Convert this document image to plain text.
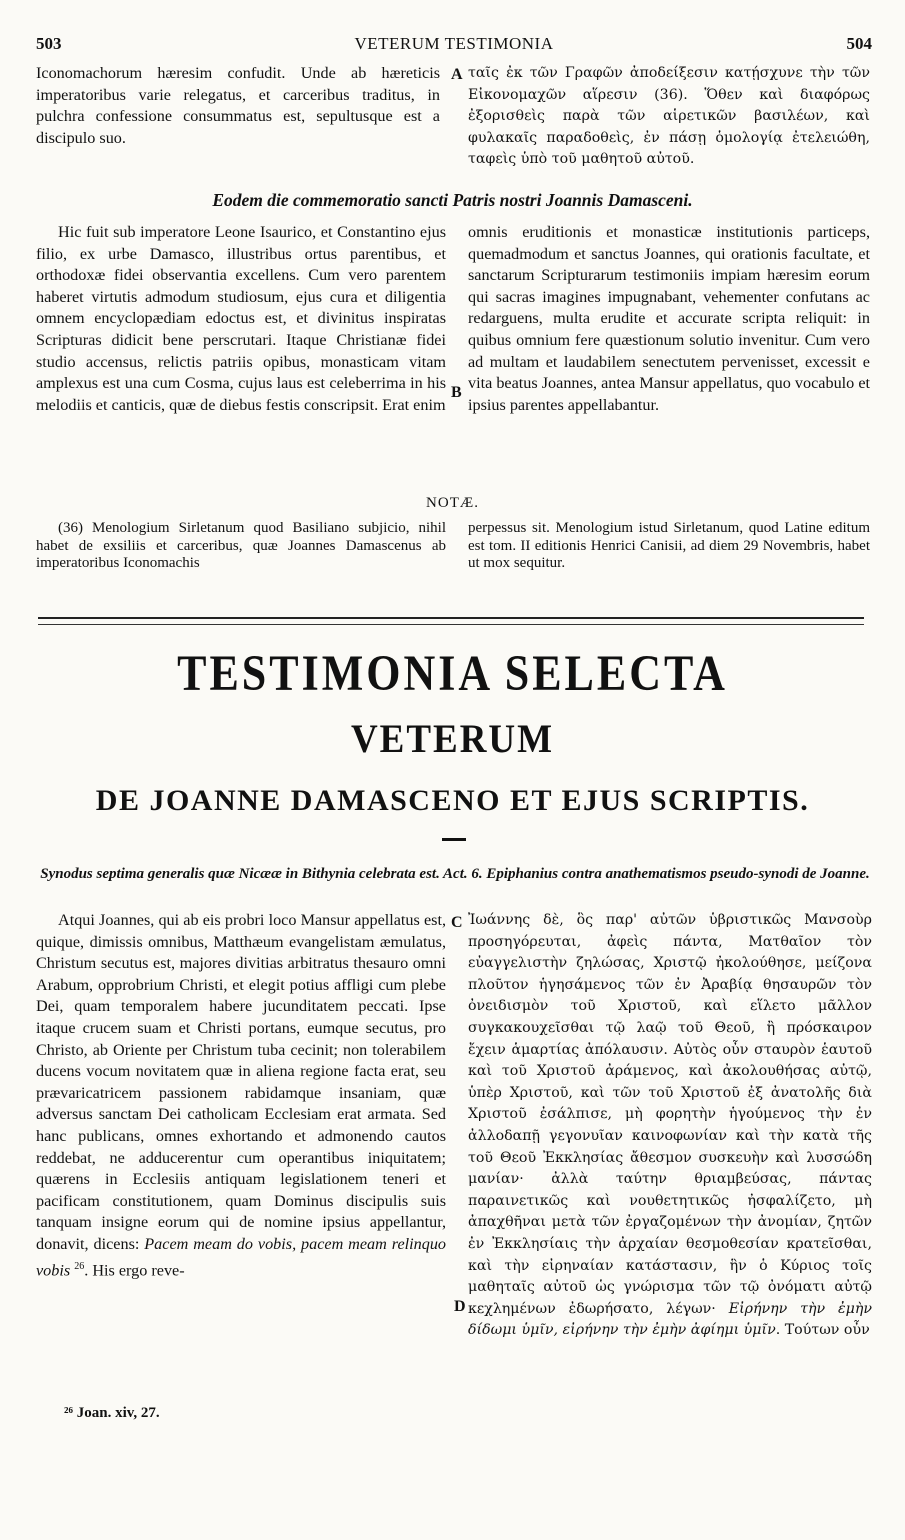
503	VETERUM TESTIMONIA	504

Iconomachorum hæresim confudit. Unde ab hæreticis imperatoribus varie relegatus, et carceribus traditus, in pulchra confessione consummatus est, sepultusque est a discipulo suo.

A ταῖς ἐκ τῶν Γραφῶν ἀποδείξεσιν κατῄσχυνε τὴν τῶν Εἰκονομαχῶν αἵρεσιν (36). Ὅθεν καὶ διαφόρως ἐξορισθεὶς παρὰ τῶν αἱρετικῶν βασιλέων, καὶ φυλακαῖς παραδοθεὶς, ἐν πάσῃ ὁμολογίᾳ ἐτελειώθη, ταφεὶς ὑπὸ τοῦ μαθητοῦ αὐτοῦ.

Eodem die commemoratio sancti Patris nostri Joannis Damasceni.

Hic fuit sub imperatore Leone Isaurico, et Constantino ejus filio, ex urbe Damasco, illustribus ortus parentibus, et orthodoxæ fidei observantia excellens. Cum vero parentem haberet virtutis admodum studiosum, ejus cura et diligentia omnem encyclopædiam edoctus est, et divinitus inspiratas Scripturas didicit bene perscrutari. Itaque Christianæ fidei studio accensus, relictis patriis opibus, monasticam vitam amplexus est una cum Cosma, cujus laus est celeberrima in his melodiis et canticis, quæ de diebus festis conscripsit. Erat enim

B

omnis eruditionis et monasticæ institutionis particeps, quemadmodum et sanctus Joannes, qui orationis facultate, et sanctarum Scripturarum testimoniis impiam hæresim eorum qui sacras imagines impugnabant, vehementer confutans ac redarguens, multa erudite et accurate scripta reliquit: in quibus omnium fere quæstionum solutio invenitur. Cum vero ad multam et laudabilem senectutem pervenisset, excessit e vita beatus Joannes, antea Mansur appellatus, quo vocabulo et ipsius parentes appellabantur.

NOTÆ.
(36) Menologium Sirletanum quod Basiliano subjicio, nihil habet de exsiliis et carceribus, quæ Joannes Damascenus ab imperatoribus Iconomachis
perpessus sit. Menologium istud Sirletanum, quod Latine editum est tom. II editionis Henrici Canisii, ad diem 29 Novembris, habet ut mox sequitur.
TESTIMONIA SELECTA
VETERUM
DE JOANNE DAMASCENO ET EJUS SCRIPTIS.
Synodus septima generalis quæ Nicææ in Bithynia celebrata est. Act. 6. Epiphanius contra anathematismos pseudo-synodi de Joanne.

Atqui Joannes, qui ab eis probri loco Mansur appellatus est, quique, dimissis omnibus, Matthæum evangelistam æmulatus, Christum secutus est, majores divitias arbitratus thesauro omni Arabum, opprobrium Christi, et elegit potius affligi cum plebe Dei, quam temporalem habere jucunditatem peccati. Ipse itaque crucem suam et Christi portans, eumque secutus, pro Christo, ab Oriente per Christum tuba cecinit; non tolerabilem ducens vocum novitatem quæ in aliena regione facta erat, seu prævaricatricem passionem rabidamque insaniam, quæ adversus sanctam Dei catholicam Ecclesiam erat armata. Sed hanc publicans, omnes exhortando et admonendo cautos reddebat, ne adducerentur cum operantibus iniquitatem; quærens in Ecclesiis antiquam legislationem teneri et pacificam constitutionem, quam Dominus discipulis suis tanquam insigne eorum qui de nomine ipsius appellantur, donavit, dicens: Pacem meam do vobis, pacem meam relinquo vobis $^{26}$. His ergo reve-

C
D

Ἰωάννης δὲ, ὃς παρ' αὐτῶν ὑβριστικῶς Μανσοὺρ προσηγόρευται, ἀφεὶς πάντα, Ματθαῖον τὸν εὐαγγελιστὴν ζηλώσας, Χριστῷ ἠκολούθησε, μείζονα πλοῦτον ἡγησάμενος τῶν ἐν Ἀραβίᾳ θησαυρῶν τὸν ὀνειδισμὸν τοῦ Χριστοῦ, καὶ εἵλετο μᾶλλον συγκακουχεῖσθαι τῷ λαῷ τοῦ Θεοῦ, ἢ πρόσκαιρον ἔχειν ἁμαρτίας ἀπόλαυσιν. Αὐτὸς οὖν σταυρὸν ἑαυτοῦ καὶ τοῦ Χριστοῦ ἀράμενος, καὶ ἀκολουθήσας αὐτῷ, ὑπὲρ Χριστοῦ, καὶ τῶν τοῦ Χριστοῦ ἐξ ἀνατολῆς διὰ Χριστοῦ ἐσάλπισε, μὴ φορητὴν ἡγούμενος τὴν ἐν ἀλλοδαπῇ γεγονυῖαν καινοφωνίαν καὶ τὴν κατὰ τῆς τοῦ Θεοῦ Ἐκκλησίας ἄθεσμον συσκευὴν καὶ λυσσώδη μανίαν· ἀλλὰ ταύτην θριαμβεύσας, πάντας παραινετικῶς καὶ νουθετητικῶς ἠσφαλίζετο, μὴ ἀπαχθῆναι μετὰ τῶν ἐργαζομένων τὴν ἀνομίαν, ζητῶν ἐν Ἐκκλησίαις τὴν ἀρχαίαν θεσμοθεσίαν κρατεῖσθαι, καὶ τὴν εἰρηναίαν κατάστασιν, ἣν ὁ Κύριος τοῖς μαθηταῖς αὐτοῦ ὡς γνώρισμα τῶν τῷ ὀνόματι αὐτῷ κεχλημένων ἐδωρήσατο, λέγων· Εἰρήνην τὴν ἐμὴν δίδωμι ὑμῖν, εἰρήνην τὴν ἐμὴν ἀφίημι ὑμῖν. Τούτων οὖν

²⁶ Joan. xiv, 27.
